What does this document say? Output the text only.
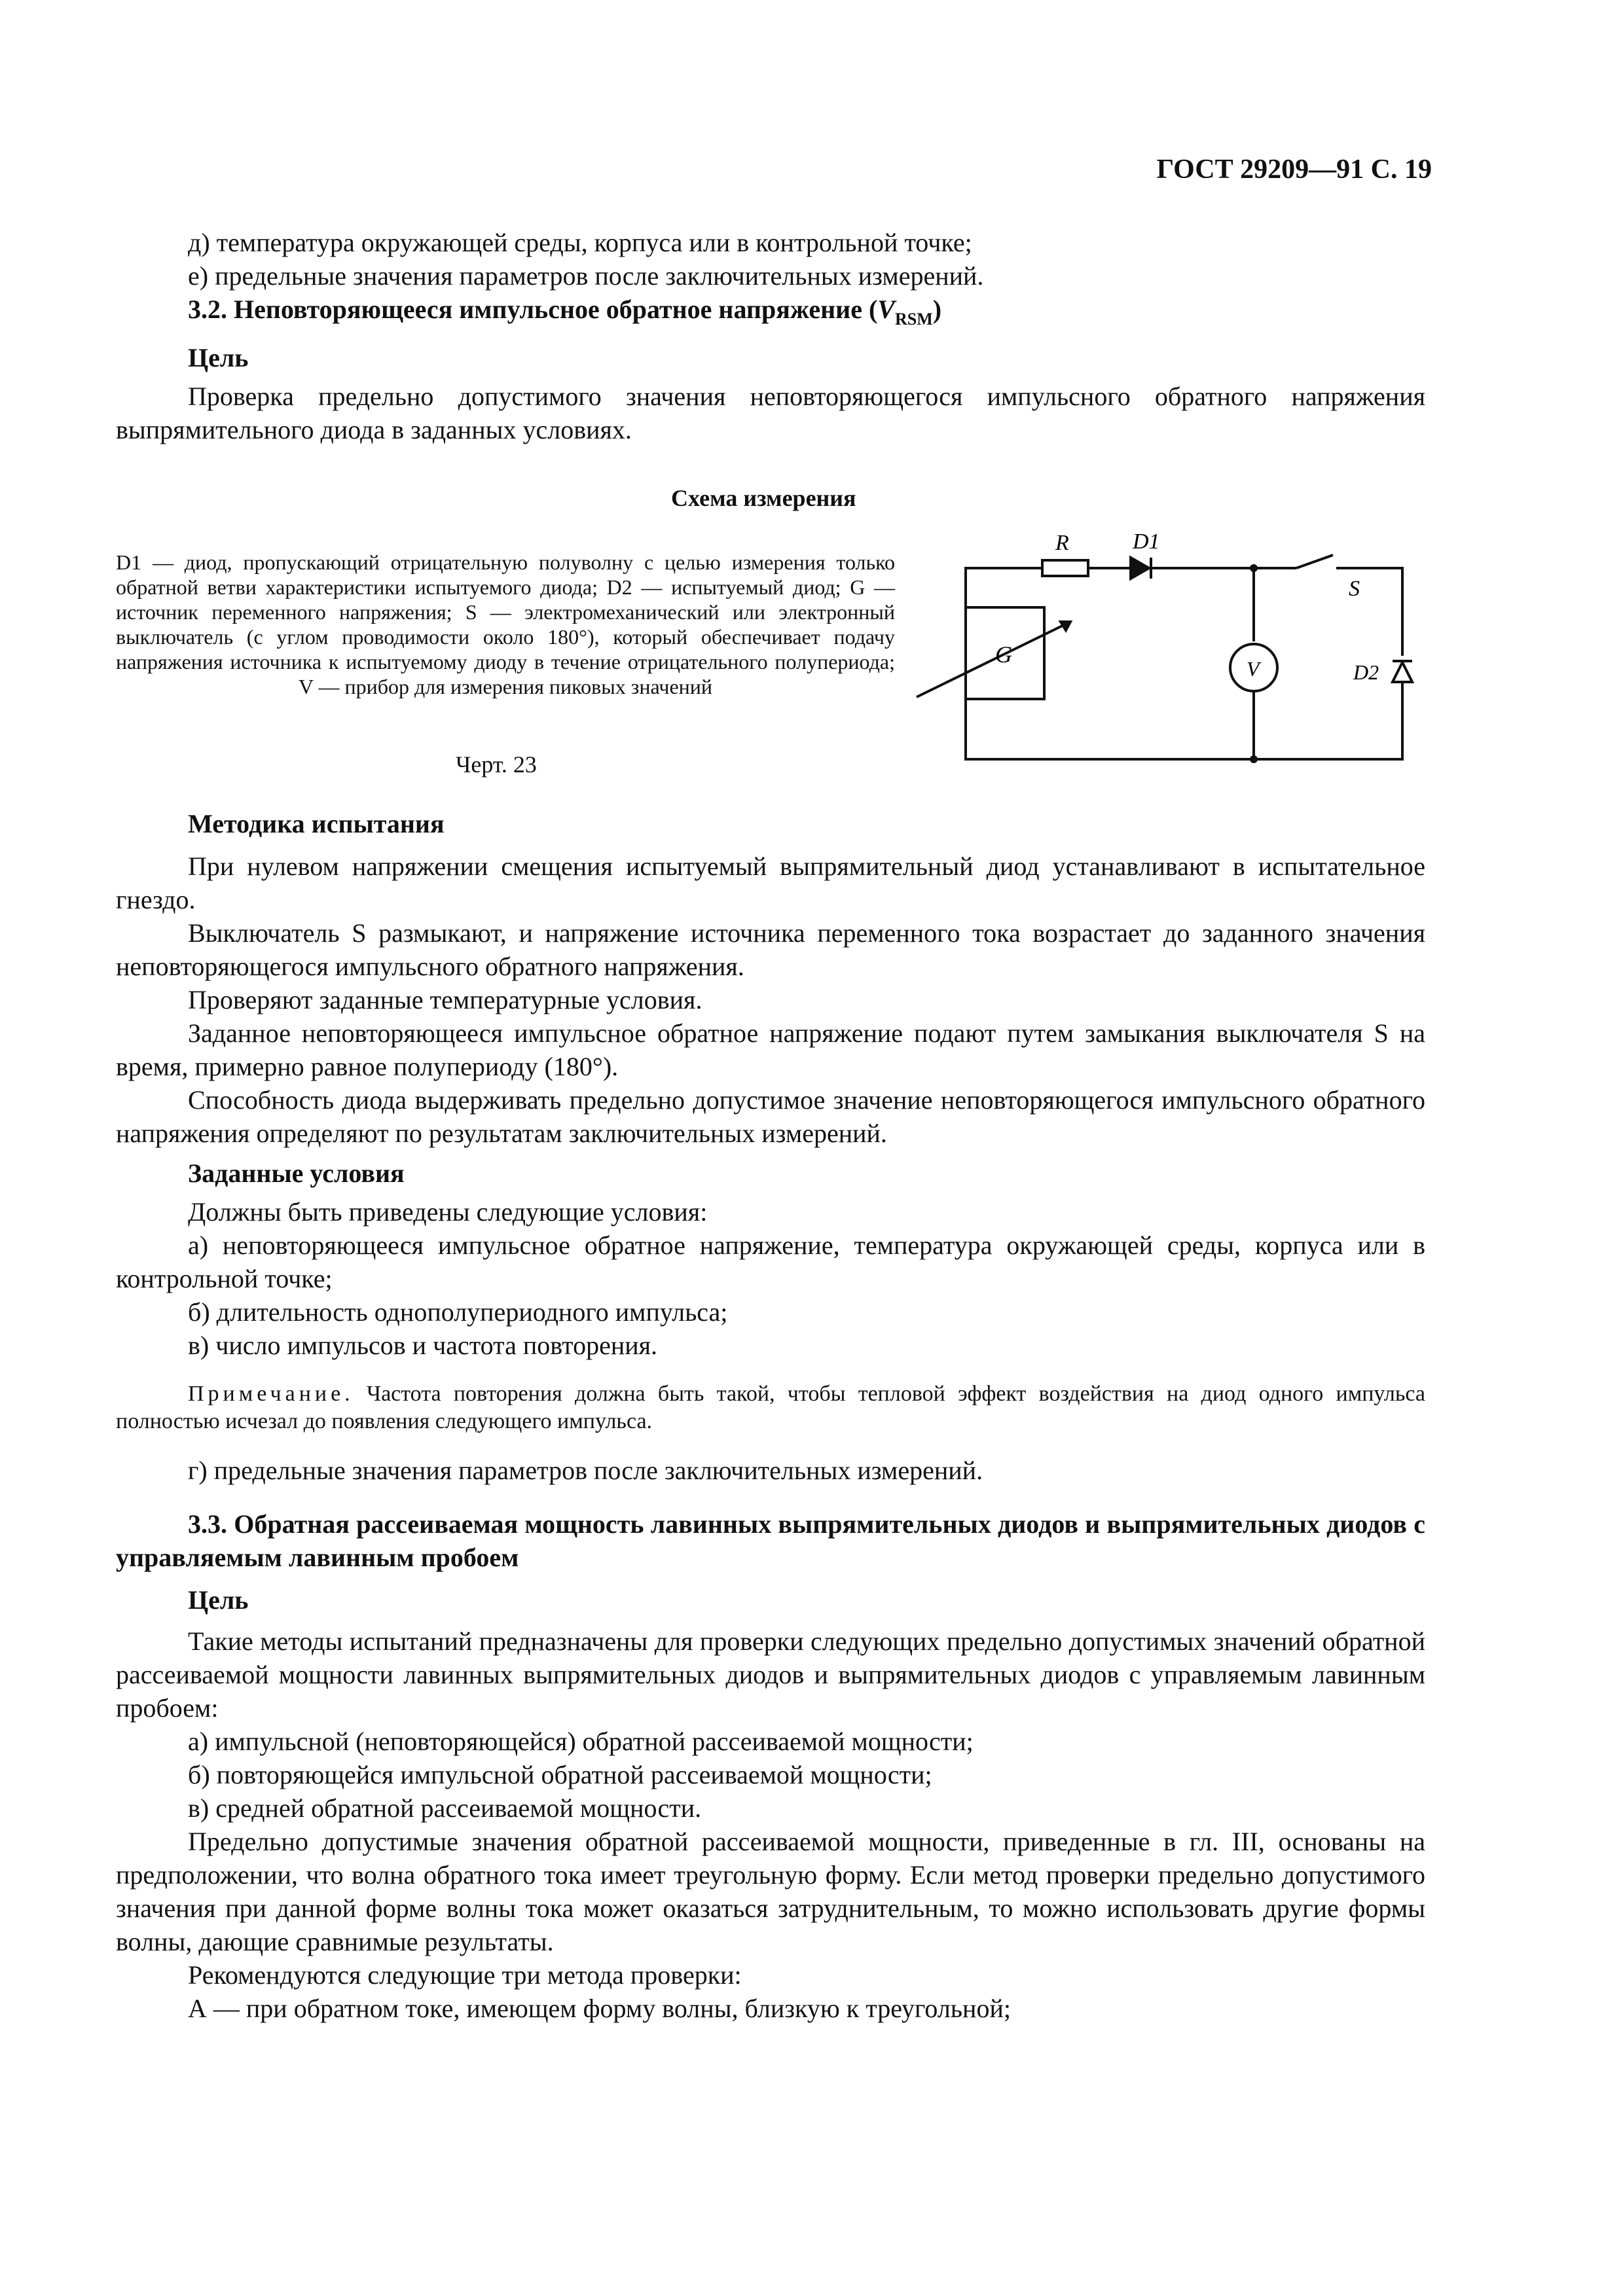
ГОСТ 29209—91 С. 19

д) температура окружающей среды, корпуса или в контрольной точке;

е) предельные значения параметров после заключительных измерений.

3.2. Неповторяющееся импульсное обратное напряжение $(V_{RSM})$
Цель

Проверка предельно допустимого значения неповторяющегося импульсного обратного напряжения выпрямительного диода в заданных условиях.

Схема измерения
D1 — диод, пропускающий отрицательную полуволну с целью измерения только обратной ветви характеристики испытуемого диода; D2 — испытуемый диод; G — источник переменного напряжения; S — электромеханический или электронный выключатель (с углом проводимости около 180°), который обеспечивает подачу напряжения источника к испытуемому диоду в течение отрицательного полупериода; V — прибор для измерения пиковых значений
Черт. 23
R	D1
S
G
V	D2
Методика испытания

При нулевом напряжении смещения испытуемый выпрямительный диод устанавливают в испытательное гнездо.

Выключатель S размыкают, и напряжение источника переменного тока возрастает до заданного значения неповторяющегося импульсного обратного напряжения.

Проверяют заданные температурные условия.

Заданное неповторяющееся импульсное обратное напряжение подают путем замыкания выключателя S на время, примерно равное полупериоду (180°).

Способность диода выдерживать предельно допустимое значение неповторяющегося импульсного обратного напряжения определяют по результатам заключительных измерений.

Заданные условия

Должны быть приведены следующие условия:

а) неповторяющееся импульсное обратное напряжение, температура окружающей среды, корпуса или в контрольной точке;

б) длительность однополупериодного импульса;

в) число импульсов и частота повторения.

Примечание. Частота повторения должна быть такой, чтобы тепловой эффект воздействия на диод одного импульса полностью исчезал до появления следующего импульса.

г) предельные значения параметров после заключительных измерений.

3.3. Обратная рассеиваемая мощность лавинных выпрямительных диодов и выпрямительных диодов с управляемым лавинным пробоем
Цель

Такие методы испытаний предназначены для проверки следующих предельно допустимых значений обратной рассеиваемой мощности лавинных выпрямительных диодов и выпрямительных диодов с управляемым лавинным пробоем:

а) импульсной (неповторяющейся) обратной рассеиваемой мощности;

б) повторяющейся импульсной обратной рассеиваемой мощности;

в) средней обратной рассеиваемой мощности.

Предельно допустимые значения обратной рассеиваемой мощности, приведенные в гл. III, основаны на предположении, что волна обратного тока имеет треугольную форму. Если метод проверки предельно допустимого значения при данной форме волны тока может оказаться затруднительным, то можно использовать другие формы волны, дающие сравнимые результаты.

Рекомендуются следующие три метода проверки:

А — при обратном токе, имеющем форму волны, близкую к треугольной;
